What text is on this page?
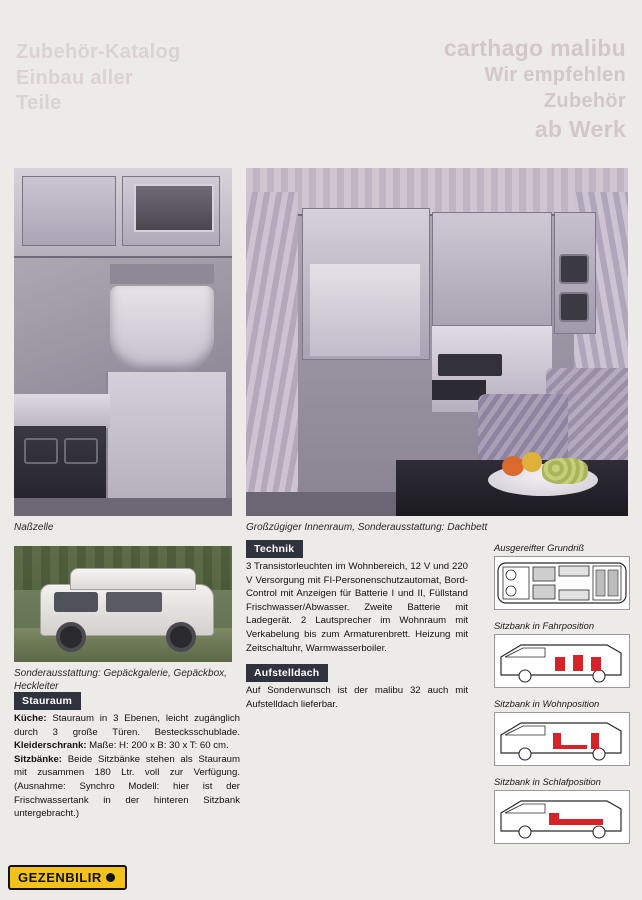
Zubehör-Katalog
Einbau aller
Teile
carthago malibu
Wir empfehlen
Zubehör
ab Werk
Naßzelle	Großzügiger Innenraum, Sonderausstattung: Dachbett
Sonderausstattung: Gepäckgalerie, Gepäckbox, Heckleiter
Stauraum
Technik
Aufstelldach
Küche: Stauraum in 3 Ebenen, leicht zugänglich durch 3 große Türen. Bestecksschublade. Kleiderschrank: Maße: H: 200 x B: 30 x T: 60 cm.
Sitzbänke: Beide Sitzbänke stehen als Stauraum mit zusammen 180 Ltr. voll zur Verfügung. (Ausnahme: Synchro Modell: hier ist der Frischwassertank in der hinteren Sitzbank untergebracht.)
3 Transistorleuchten im Wohnbereich, 12 V und 220 V Versorgung mit FI-Personenschutzautomat, Bord-Control mit Anzeigen für Batterie I und II, Füllstand Frischwasser/Abwasser. Zweite Batterie mit Ladegerät. 2 Lautsprecher im Wohnraum mit Verkabelung bis zum Armaturenbrett. Heizung mit Zeitschaltuhr, Warmwasserboiler.
Auf Sonderwunsch ist der malibu 32 auch mit Aufstelldach lieferbar.
Ausgereifter Grundriß
Sitzbank in Fahrposition
Sitzbank in Wohnposition
Sitzbank in Schlafposition
GEZENBILIR
